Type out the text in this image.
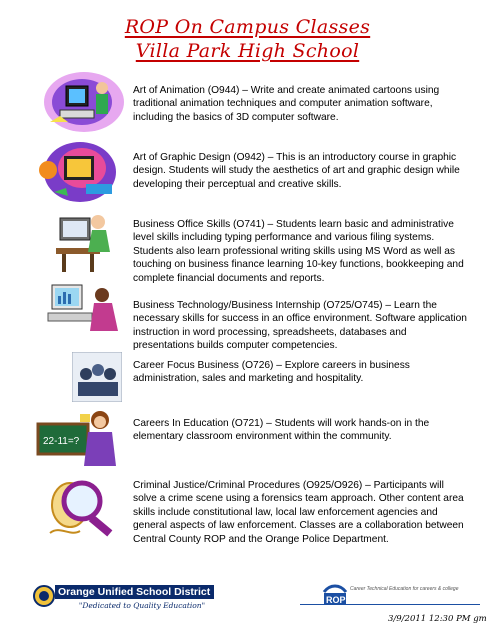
ROP On Campus Classes
Villa Park High School
22-11=?

Art of Animation (O944) – Write and create animated cartoons using traditional animation techniques and computer animation software, including the basics of 3D computer software.

Art of Graphic Design (O942) – This is an introductory course in graphic design. Students will study the aesthetics of art and graphic design while developing their perceptual and creative skills.

Business Office Skills (O741) – Students learn basic and administrative level skills including typing performance and various filing systems. Students also learn professional writing skills using MS Word as well as touching on business finance learning 10-key functions, bookkeeping and complete financial documents and reports.

Business Technology/Business Internship (O725/O745) – Learn the necessary skills for success in an office environment. Software application instruction in word processing, spreadsheets, databases and presentations builds computer competencies.

Career Focus Business (O726) – Explore careers in business administration, sales and marketing and hospitality.

Careers In Education (O721) – Students will work hands-on in the elementary classroom environment within the community.

Criminal Justice/Criminal Procedures (O925/O926) – Participants will solve a crime scene using a forensics team approach. Other content area skills include constitutional law, local law enforcement agencies and general aspects of law enforcement. Classes are a collaboration between Central County ROP and the Orange Police Department.

Orange Unified School District
"Dedicated to Quality Education"
ROP
Career Technical Education for careers & college
3/9/2011 12:30 PM gm
